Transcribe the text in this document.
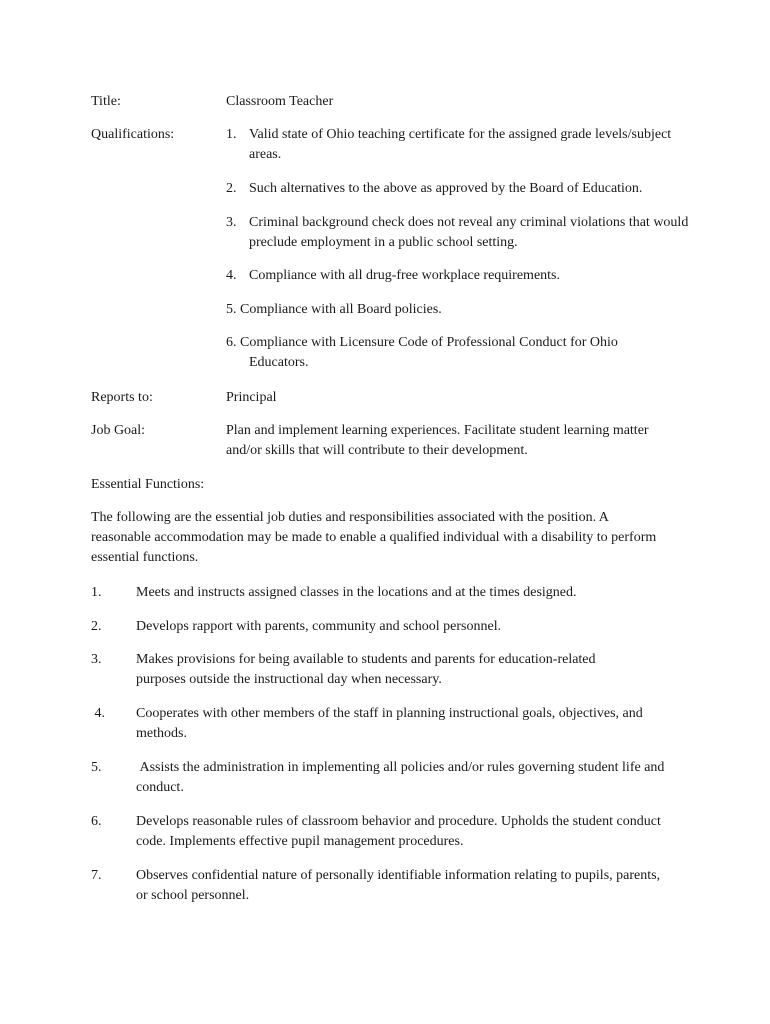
Title:	Classroom Teacher
Qualifications:	1. Valid state of Ohio teaching certificate for the assigned grade levels/subject areas.
2. Such alternatives to the above as approved by the Board of Education.
3. Criminal background check does not reveal any criminal violations that would preclude employment in a public school setting.
4. Compliance with all drug-free workplace requirements.
5. Compliance with all Board policies.
6. Compliance with Licensure Code of Professional Conduct for Ohio
Educators.
Reports to:	Principal
Job Goal:	Plan and implement learning experiences. Facilitate student learning matter and/or skills that will contribute to their development.
Essential Functions:
The following are the essential job duties and responsibilities associated with the position. A reasonable accommodation may be made to enable a qualified individual with a disability to perform essential functions.
1. Meets and instructs assigned classes in the locations and at the times designed.
2. Develops rapport with parents, community and school personnel.
3. Makes provisions for being available to students and parents for education-related purposes outside the instructional day when necessary.
4. Cooperates with other members of the staff in planning instructional goals, objectives, and methods.
5. Assists the administration in implementing all policies and/or rules governing student life and conduct.
6. Develops reasonable rules of classroom behavior and procedure. Upholds the student conduct code. Implements effective pupil management procedures.
7. Observes confidential nature of personally identifiable information relating to pupils, parents, or school personnel.
